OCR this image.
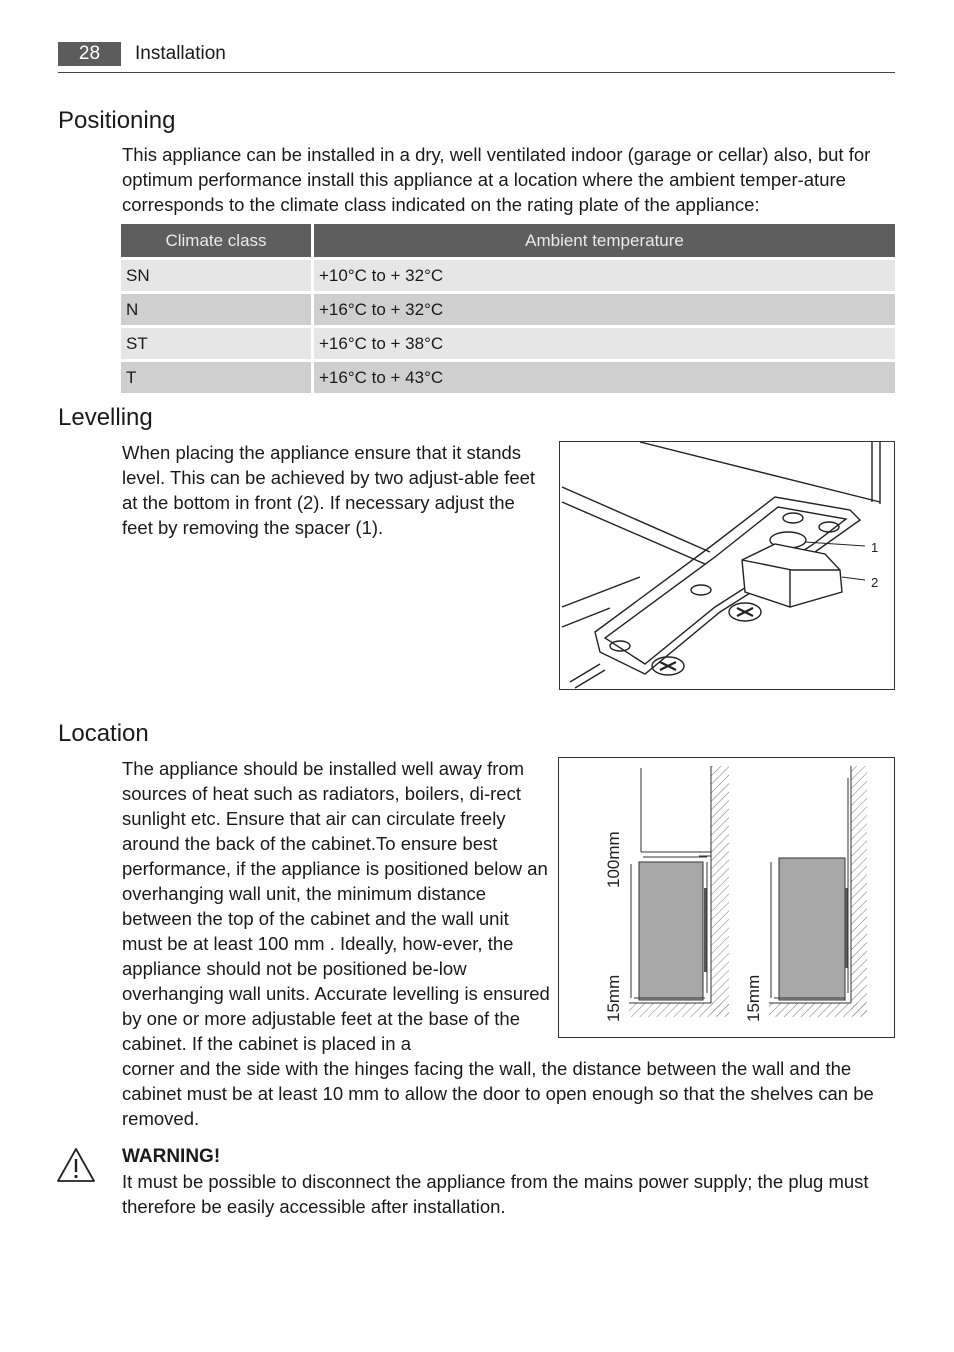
28	Installation
Positioning

This appliance can be installed in a dry, well ventilated indoor (garage or cellar) also, but for optimum performance install this appliance at a location where the ambient temper-ature corresponds to the climate class indicated on the rating plate of the appliance:

Climate class	Ambient temperature
SN	+10°C to + 32°C
N	+16°C to + 32°C
ST	+16°C to + 38°C
T	+16°C to + 43°C
Levelling

When placing the appliance ensure that it stands level. This can be achieved by two adjust-able feet at the bottom in front (2). If necessary adjust the feet by removing the spacer (1).

1
2
Location

The appliance should be installed well away from sources of heat such as radiators, boilers, di-rect sunlight etc. Ensure that air can circulate freely around the back of the cabinet.To ensure best performance, if the appliance is positioned below an overhanging wall unit, the minimum distance between the top of the cabinet and the wall unit must be at least 100 mm . Ideally, how-ever, the appliance should not be positioned be-low overhanging wall units. Accurate levelling is ensured by one or more adjustable feet at the base of the cabinet. If the cabinet is placed in a

corner and the side with the hinges facing the wall, the distance between the wall and the cabinet must be at least 10 mm to allow the door to open enough so that the shelves can be removed.

100mm
15mm	15mm
WARNING!

It must be possible to disconnect the appliance from the mains power supply; the plug must therefore be easily accessible after installation.
